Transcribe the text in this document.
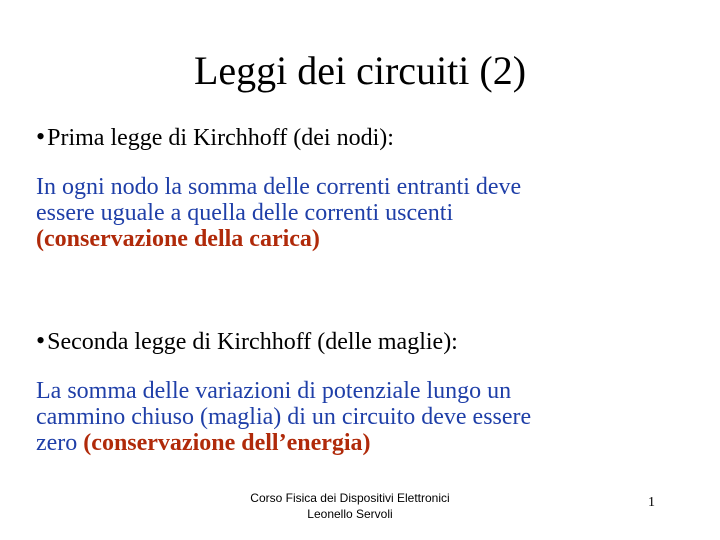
Leggi dei circuiti (2)
•Prima legge di Kirchhoff (dei nodi):
In ogni nodo la somma delle correnti entranti deve
essere uguale a quella delle correnti uscenti
(conservazione della carica)
•Seconda legge di Kirchhoff (delle maglie):
La somma delle variazioni di potenziale lungo un
cammino chiuso (maglia) di un circuito deve essere
zero (conservazione dell’energia)
Corso Fisica dei Dispositivi Elettronici
Leonello Servoli
1
